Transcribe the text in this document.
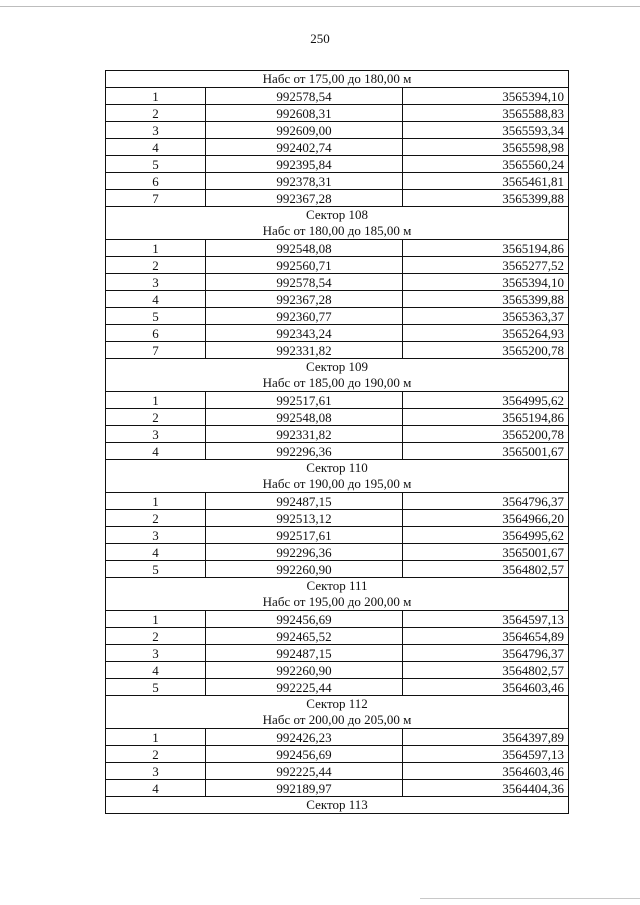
250
Набс от 175,00 до 180,00 м		

1	992578,54	3565394,10
2	992608,31	3565588,83
3	992609,00	3565593,34
4	992402,74	3565598,98
5	992395,84	3565560,24
6	992378,31	3565461,81
7	992367,28	3565399,88

Сектор 108
Набс от 180,00 до 185,00 м		

1	992548,08	3565194,86
2	992560,71	3565277,52
3	992578,54	3565394,10
4	992367,28	3565399,88
5	992360,77	3565363,37
6	992343,24	3565264,93
7	992331,82	3565200,78

Сектор 109
Набс от 185,00 до 190,00 м		

1	992517,61	3564995,62
2	992548,08	3565194,86
3	992331,82	3565200,78
4	992296,36	3565001,67

Сектор 110
Набс от 190,00 до 195,00 м		

1	992487,15	3564796,37
2	992513,12	3564966,20
3	992517,61	3564995,62
4	992296,36	3565001,67
5	992260,90	3564802,57

Сектор 111
Набс от 195,00 до 200,00 м		

1	992456,69	3564597,13
2	992465,52	3564654,89
3	992487,15	3564796,37
4	992260,90	3564802,57
5	992225,44	3564603,46

Сектор 112
Набс от 200,00 до 205,00 м		

1	992426,23	3564397,89
2	992456,69	3564597,13
3	992225,44	3564603,46
4	992189,97	3564404,36

Сектор 113		
